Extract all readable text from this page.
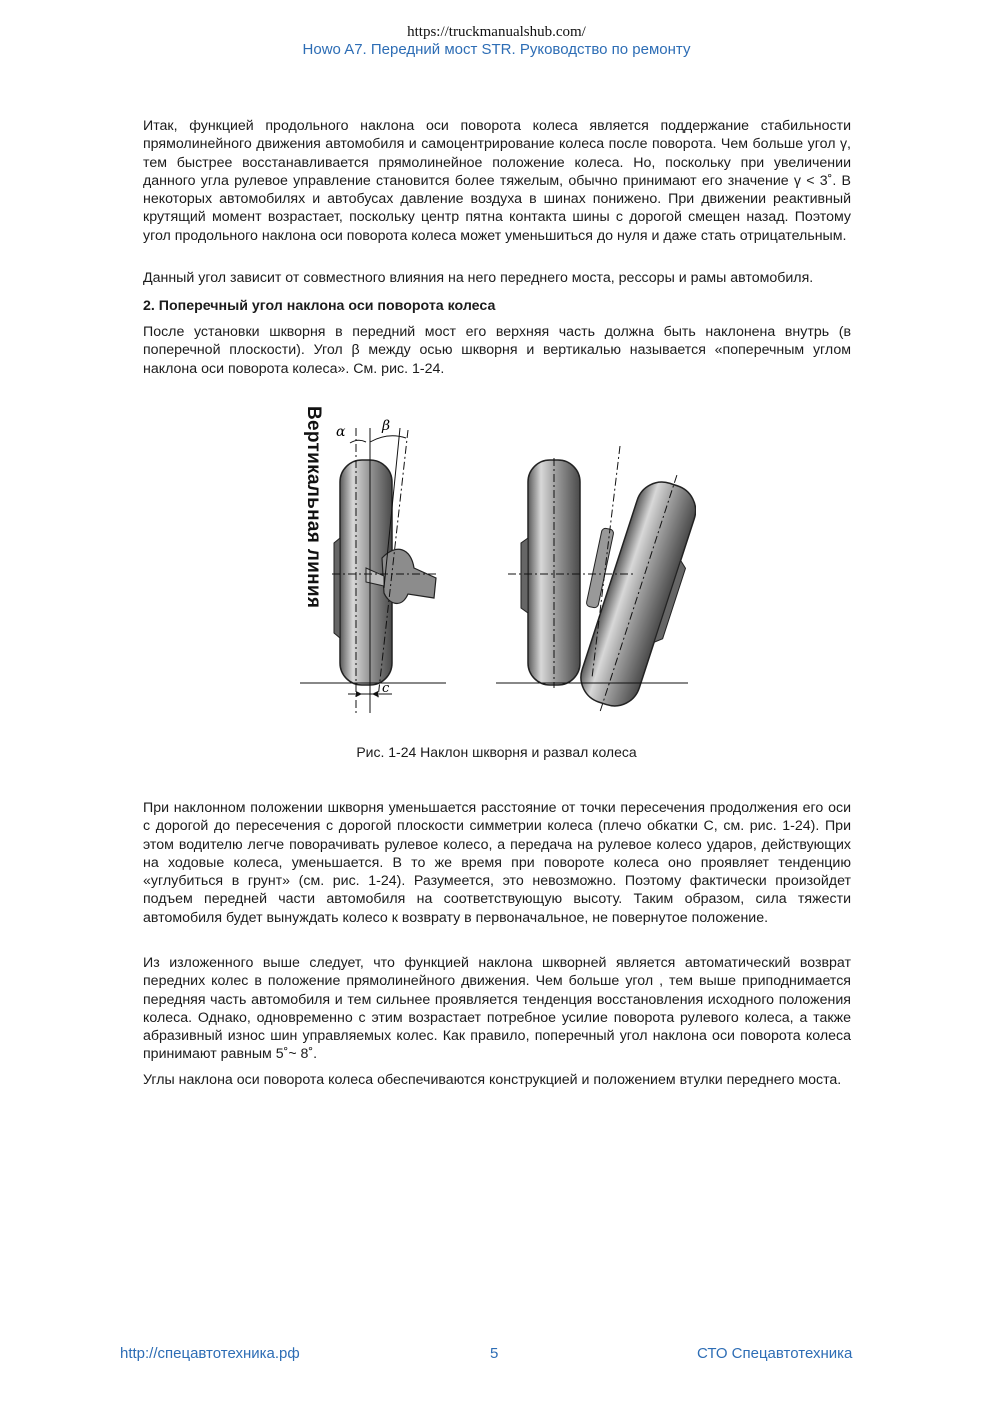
https://truckmanualshub.com/
Howo A7. Передний мост STR. Руководство по ремонту

Итак, функцией продольного наклона оси поворота колеса является поддержание стабильности прямолинейного движения автомобиля и самоцентрирование колеса после поворота. Чем больше угол γ, тем быстрее восстанавливается прямолинейное положение колеса. Но, поскольку при увеличении данного угла рулевое управление становится более тяжелым, обычно принимают его значение γ < 3˚. В некоторых автомобилях и автобусах давление воздуха в шинах понижено. При движении реактивный крутящий момент возрастает, поскольку центр пятна контакта шины с дорогой смещен назад. Поэтому угол продольного наклона оси поворота колеса может уменьшиться до нуля и даже стать отрицательным.

Данный угол зависит от совместного влияния на него переднего моста, рессоры и рамы автомобиля.

2. Поперечный угол наклона оси поворота колеса

После установки шкворня в передний мост его верхняя часть должна быть наклонена внутрь (в поперечной плоскости). Угол β между осью шкворня и вертикалью называется «поперечным углом наклона оси поворота колеса». См. рис. 1-24.

Вертикальная линия α	β
c
Рис. 1-24 Наклон шкворня и развал колеса

При наклонном положении шкворня уменьшается расстояние от точки пересечения продолжения его оси с дорогой до пересечения с дорогой плоскости симметрии колеса (плечо обкатки С, см. рис. 1-24). При этом водителю легче поворачивать рулевое колесо, а передача на рулевое колесо ударов, действующих на ходовые колеса, уменьшается. В то же время при повороте колеса оно проявляет тенденцию «углубиться в грунт» (см. рис. 1-24). Разумеется, это невозможно. Поэтому фактически произойдет подъем передней части автомобиля на соответствующую высоту. Таким образом, сила тяжести автомобиля будет вынуждать колесо к возврату в первоначальное, не повернутое положение.

Из изложенного выше следует, что функцией наклона шкворней является автоматический возврат передних колес в положение прямолинейного движения. Чем больше угол , тем выше приподнимается передняя часть автомобиля и тем сильнее проявляется тенденция восстановления исходного положения колеса. Однако, одновременно с этим возрастает потребное усилие поворота рулевого колеса, а также абразивный износ шин управляемых колес. Как правило, поперечный угол наклона оси поворота колеса принимают равным 5˚~ 8˚.

Углы наклона оси поворота колеса обеспечиваются конструкцией и положением втулки переднего моста.

http://спецавтотехника.рф	5	СТО Спецавтотехника
